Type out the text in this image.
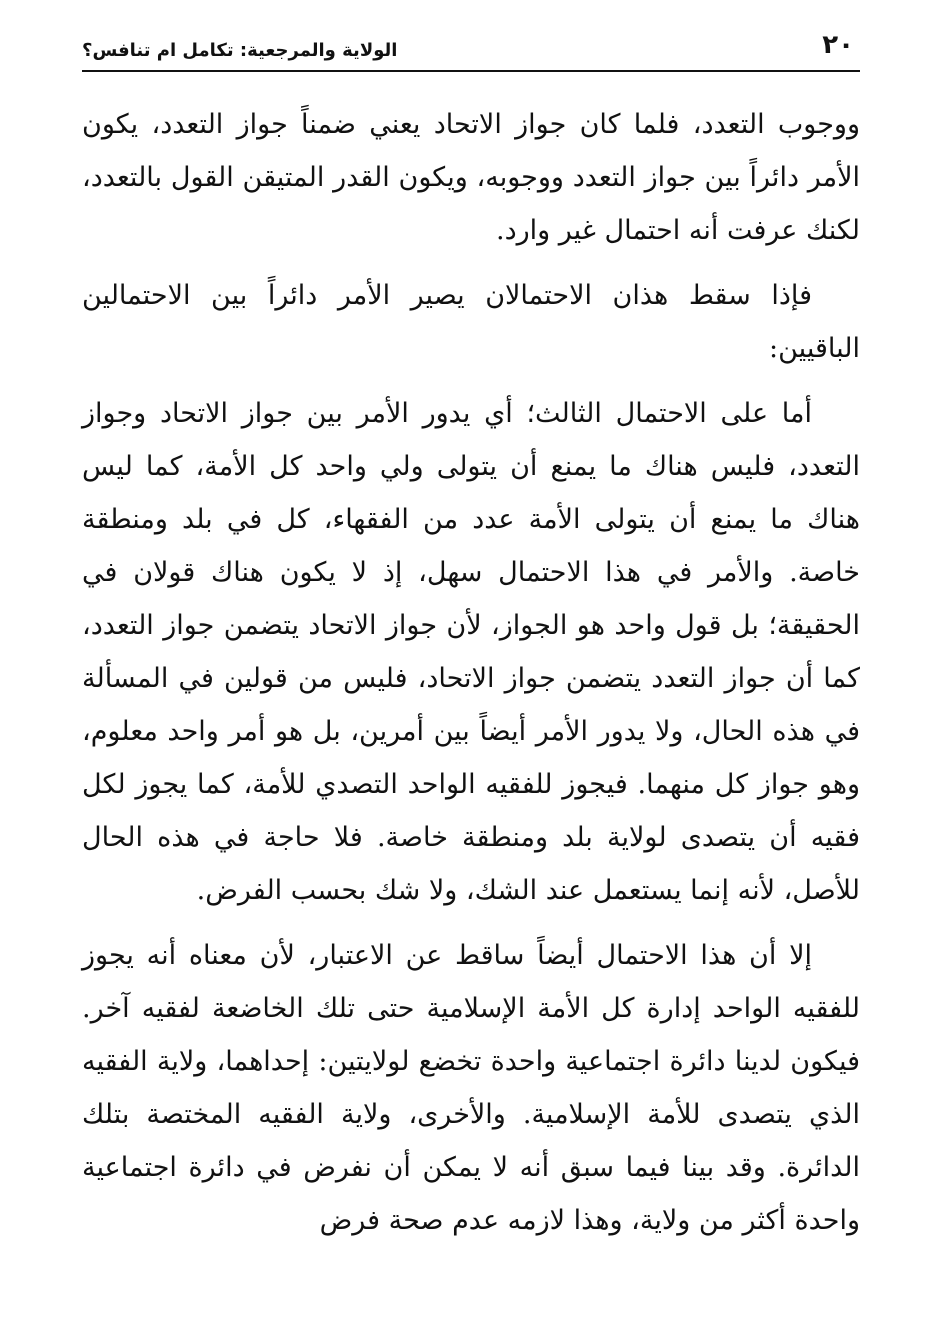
الولاية والمرجعية: تكامل ام تنافس؟	٢٠

ووجوب التعدد، فلما كان جواز الاتحاد يعني ضمناً جواز التعدد، يكون الأمر دائراً بين جواز التعدد ووجوبه، ويكون القدر المتيقن القول بالتعدد، لكنك عرفت أنه احتمال غير وارد.

فإذا سقط هذان الاحتمالان يصير الأمر دائراً بين الاحتمالين الباقيين:

أما على الاحتمال الثالث؛ أي يدور الأمر بين جواز الاتحاد وجواز التعدد، فليس هناك ما يمنع أن يتولى ولي واحد كل الأمة، كما ليس هناك ما يمنع أن يتولى الأمة عدد من الفقهاء، كل في بلد ومنطقة خاصة. والأمر في هذا الاحتمال سهل، إذ لا يكون هناك قولان في الحقيقة؛ بل قول واحد هو الجواز، لأن جواز الاتحاد يتضمن جواز التعدد، كما أن جواز التعدد يتضمن جواز الاتحاد، فليس من قولين في المسألة في هذه الحال، ولا يدور الأمر أيضاً بين أمرين، بل هو أمر واحد معلوم، وهو جواز كل منهما. فيجوز للفقيه الواحد التصدي للأمة، كما يجوز لكل فقيه أن يتصدى لولاية بلد ومنطقة خاصة. فلا حاجة في هذه الحال للأصل، لأنه إنما يستعمل عند الشك، ولا شك بحسب الفرض.

إلا أن هذا الاحتمال أيضاً ساقط عن الاعتبار، لأن معناه أنه يجوز للفقيه الواحد إدارة كل الأمة الإسلامية حتى تلك الخاضعة لفقيه آخر. فيكون لدينا دائرة اجتماعية واحدة تخضع لولايتين: إحداهما، ولاية الفقيه الذي يتصدى للأمة الإسلامية. والأخرى، ولاية الفقيه المختصة بتلك الدائرة. وقد بينا فيما سبق أنه لا يمكن أن نفرض في دائرة اجتماعية واحدة أكثر من ولاية، وهذا لازمه عدم صحة فرض
